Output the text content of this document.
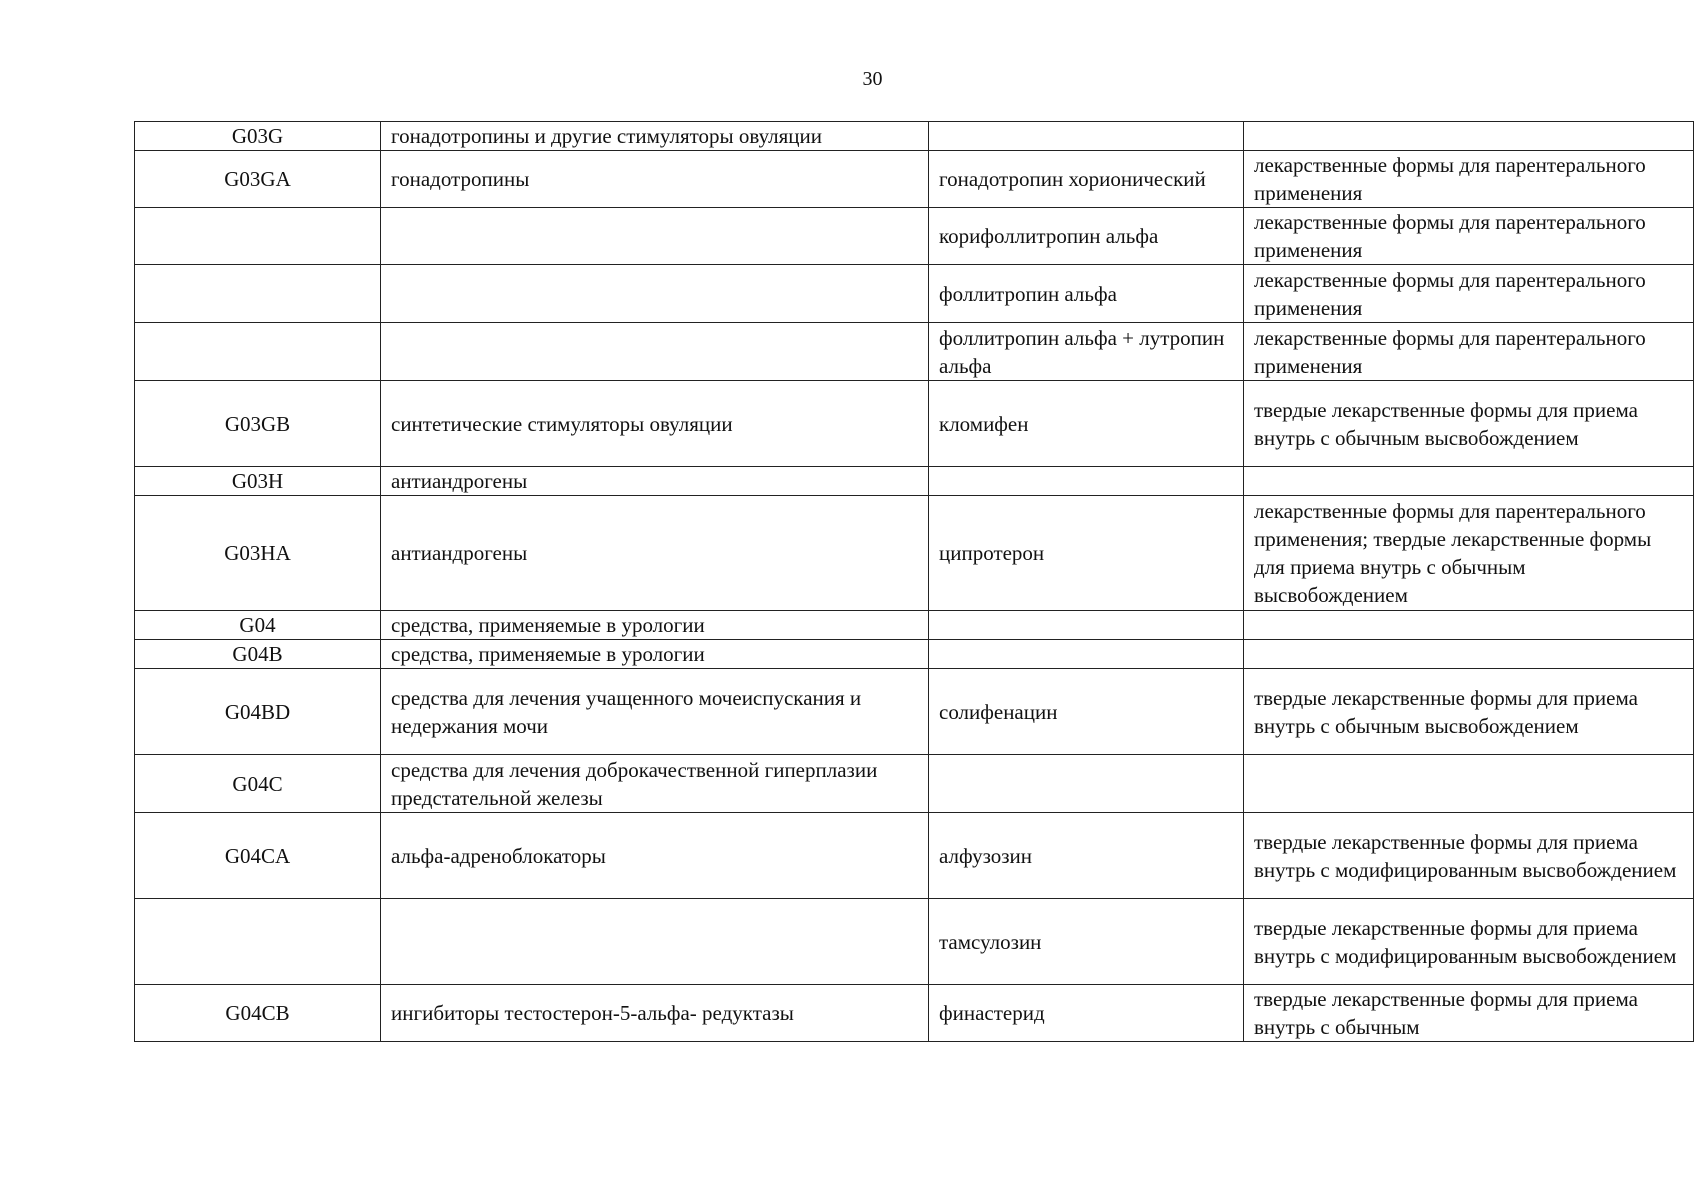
30
G03G	гонадотропины и другие стимуляторы овуляции		
G03GA	гонадотропины	гонадотропин хорионический	лекарственные формы для парентерального применения
		корифоллитропин альфа	лекарственные формы для парентерального применения
		фоллитропин альфа	лекарственные формы для парентерального применения
		фоллитропин альфа + лутропин альфа	лекарственные формы для парентерального применения
G03GB	синтетические стимуляторы овуляции	кломифен	твердые лекарственные формы для приема внутрь с обычным высвобождением
G03H	антиандрогены		
G03HA	антиандрогены	ципротерон	лекарственные формы для парентерального применения; твердые лекарственные формы для приема внутрь с обычным высвобождением
G04	средства, применяемые в урологии		
G04B	средства, применяемые в урологии		
G04BD	средства для лечения учащенного мочеиспускания и недержания мочи	солифенацин	твердые лекарственные формы для приема внутрь с обычным высвобождением
G04C	средства для лечения доброкачественной гиперплазии предстательной железы		
G04CA	альфа-адреноблокаторы	алфузозин	твердые лекарственные формы для приема внутрь с модифицированным высвобождением
		тамсулозин	твердые лекарственные формы для приема внутрь с модифицированным высвобождением
G04CB	ингибиторы тестостерон-5-альфа- редуктазы	финастерид	твердые лекарственные формы для приема внутрь с обычным
